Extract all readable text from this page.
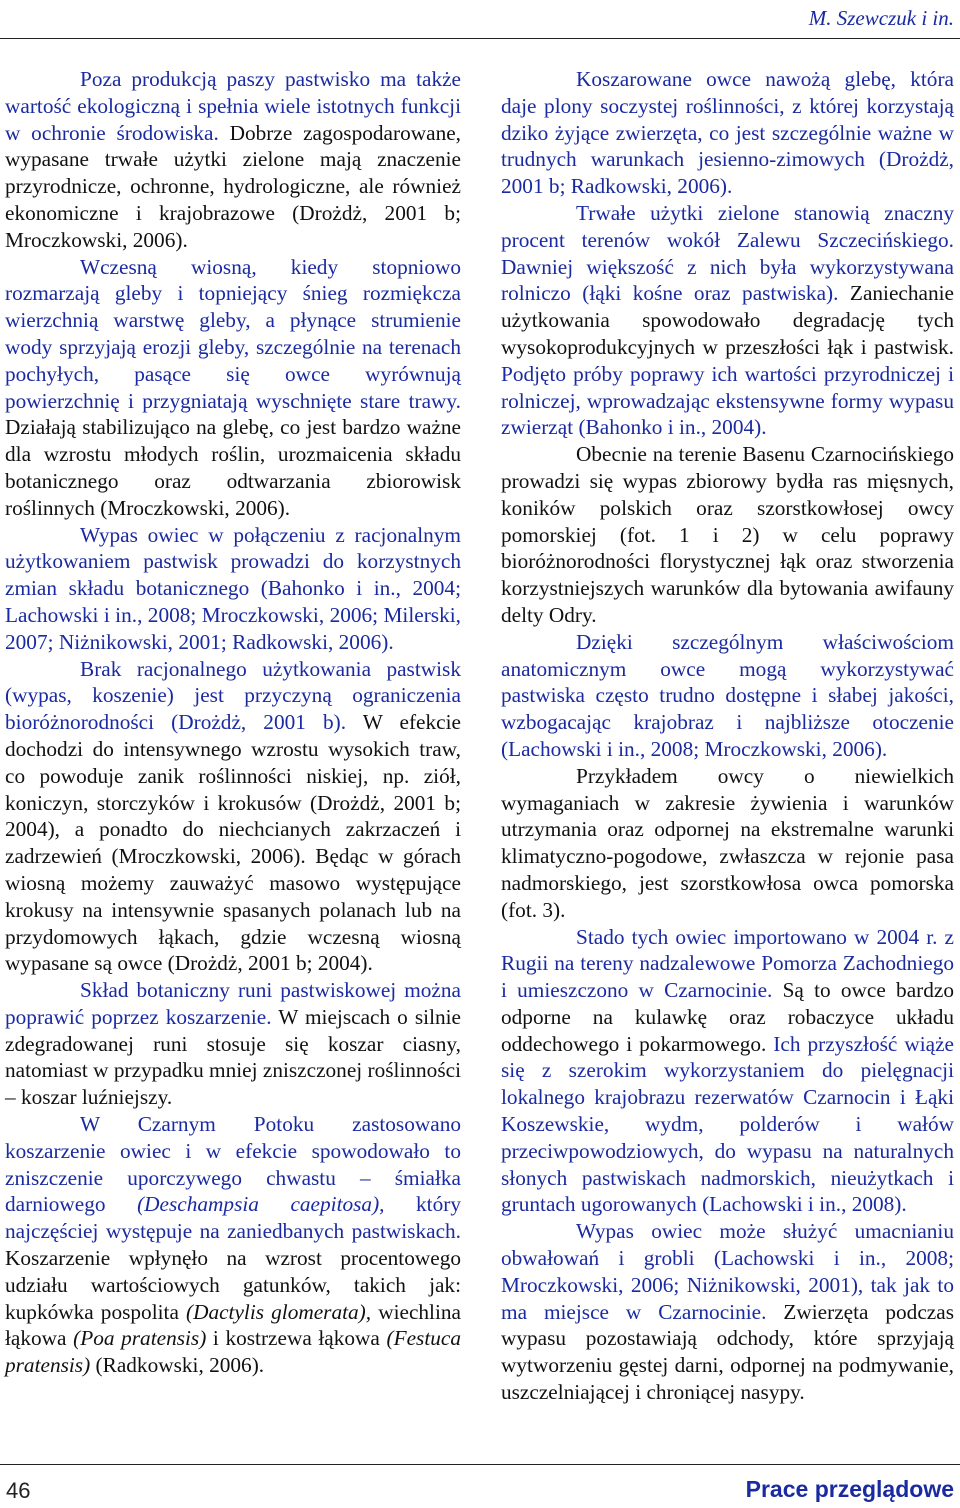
M. Szewczuk i in.

Poza produkcją paszy pastwisko ma także wartość ekologiczną i spełnia wiele istotnych funkcji w ochronie środowiska. Dobrze zagospodarowane, wypasane trwałe użytki zielone mają znaczenie przyrodnicze, ochronne, hydrologiczne, ale również ekonomiczne i krajobrazowe (Drożdż, 2001 b; Mroczkowski, 2006).

Wczesną wiosną, kiedy stopniowo rozmarzają gleby i topniejący śnieg rozmiękcza wierzchnią warstwę gleby, a płynące strumienie wody sprzyjają erozji gleby, szczególnie na terenach pochyłych, pasące się owce wyrównują powierzchnię i przygniatają wyschnięte stare trawy. Działają stabilizująco na glebę, co jest bardzo ważne dla wzrostu młodych roślin, urozmaicenia składu botanicznego oraz odtwarzania zbiorowisk roślinnych (Mroczkowski, 2006).

Wypas owiec w połączeniu z racjonalnym użytkowaniem pastwisk prowadzi do korzystnych zmian składu botanicznego (Bahonko i in., 2004; Lachowski i in., 2008; Mroczkowski, 2006; Milerski, 2007; Niżnikowski, 2001; Radkowski, 2006).

Brak racjonalnego użytkowania pastwisk (wypas, koszenie) jest przyczyną ograniczenia bioróżnorodności (Drożdż, 2001 b). W efekcie dochodzi do intensywnego wzrostu wysokich traw, co powoduje zanik roślinności niskiej, np. ziół, koniczyn, storczyków i krokusów (Drożdż, 2001 b; 2004), a ponadto do niechcianych zakrzaczeń i zadrzewień (Mroczkowski, 2006). Będąc w górach wiosną możemy zauważyć masowo występujące krokusy na intensywnie spasanych polanach lub na przydomowych łąkach, gdzie wczesną wiosną wypasane są owce (Drożdż, 2001 b; 2004).

Skład botaniczny runi pastwiskowej można poprawić poprzez koszarzenie. W miejscach o silnie zdegradowanej runi stosuje się koszar ciasny, natomiast w przypadku mniej zniszczonej roślinności – koszar luźniejszy.

W Czarnym Potoku zastosowano koszarzenie owiec i w efekcie spowodowało to zniszczenie uporczywego chwastu – śmiałka darniowego (Deschampsia caepitosa), który najczęściej występuje na zaniedbanych pastwiskach. Koszarzenie wpłynęło na wzrost procentowego udziału wartościowych gatunków, takich jak: kupkówka pospolita (Dactylis glomerata), wiechlina łąkowa (Poa pratensis) i kostrzewa łąkowa (Festuca pratensis) (Radkowski, 2006).

Koszarowane owce nawożą glebę, która daje plony soczystej roślinności, z której korzystają dziko żyjące zwierzęta, co jest szczególnie ważne w trudnych warunkach jesienno-zimowych (Drożdż, 2001 b; Radkowski, 2006).

Trwałe użytki zielone stanowią znaczny procent terenów wokół Zalewu Szczecińskiego. Dawniej większość z nich była wykorzystywana rolniczo (łąki kośne oraz pastwiska). Zaniechanie użytkowania spowodowało degradację tych wysokoprodukcyjnych w przeszłości łąk i pastwisk. Podjęto próby poprawy ich wartości przyrodniczej i rolniczej, wprowadzając ekstensywne formy wypasu zwierząt (Bahonko i in., 2004).

Obecnie na terenie Basenu Czarnocińskiego prowadzi się wypas zbiorowy bydła ras mięsnych, koników polskich oraz szorstkowłosej owcy pomorskiej (fot. 1 i 2) w celu poprawy bioróżnorodności florystycznej łąk oraz stworzenia korzystniejszych warunków dla bytowania awifauny delty Odry.

Dzięki szczególnym właściwościom anatomicznym owce mogą wykorzystywać pastwiska często trudno dostępne i słabej jakości, wzbogacając krajobraz i najbliższe otoczenie (Lachowski i in., 2008; Mroczkowski, 2006).

Przykładem owcy o niewielkich wymaganiach w zakresie żywienia i warunków utrzymania oraz odpornej na ekstremalne warunki klimatyczno-pogodowe, zwłaszcza w rejonie pasa nadmorskiego, jest szorstkowłosa owca pomorska (fot. 3).

Stado tych owiec importowano w 2004 r. z Rugii na tereny nadzalewowe Pomorza Zachodniego i umieszczono w Czarnocinie. Są to owce bardzo odporne na kulawkę oraz robaczyce układu oddechowego i pokarmowego. Ich przyszłość wiąże się z szerokim wykorzystaniem do pielęgnacji lokalnego krajobrazu rezerwatów Czarnocin i Łąki Koszewskie, wydm, polderów i wałów przeciwpowodziowych, do wypasu na naturalnych słonych pastwiskach nadmorskich, nieużytkach i gruntach ugorowanych (Lachowski i in., 2008).

Wypas owiec może służyć umacnianiu obwałowań i grobli (Lachowski i in., 2008; Mroczkowski, 2006; Niżnikowski, 2001), tak jak to ma miejsce w Czarnocinie. Zwierzęta podczas wypasu pozostawiają odchody, które sprzyjają wytworzeniu gęstej darni, odpornej na podmywanie, uszczelniającej i chroniącej nasypy.

46	Prace przeglądowe
